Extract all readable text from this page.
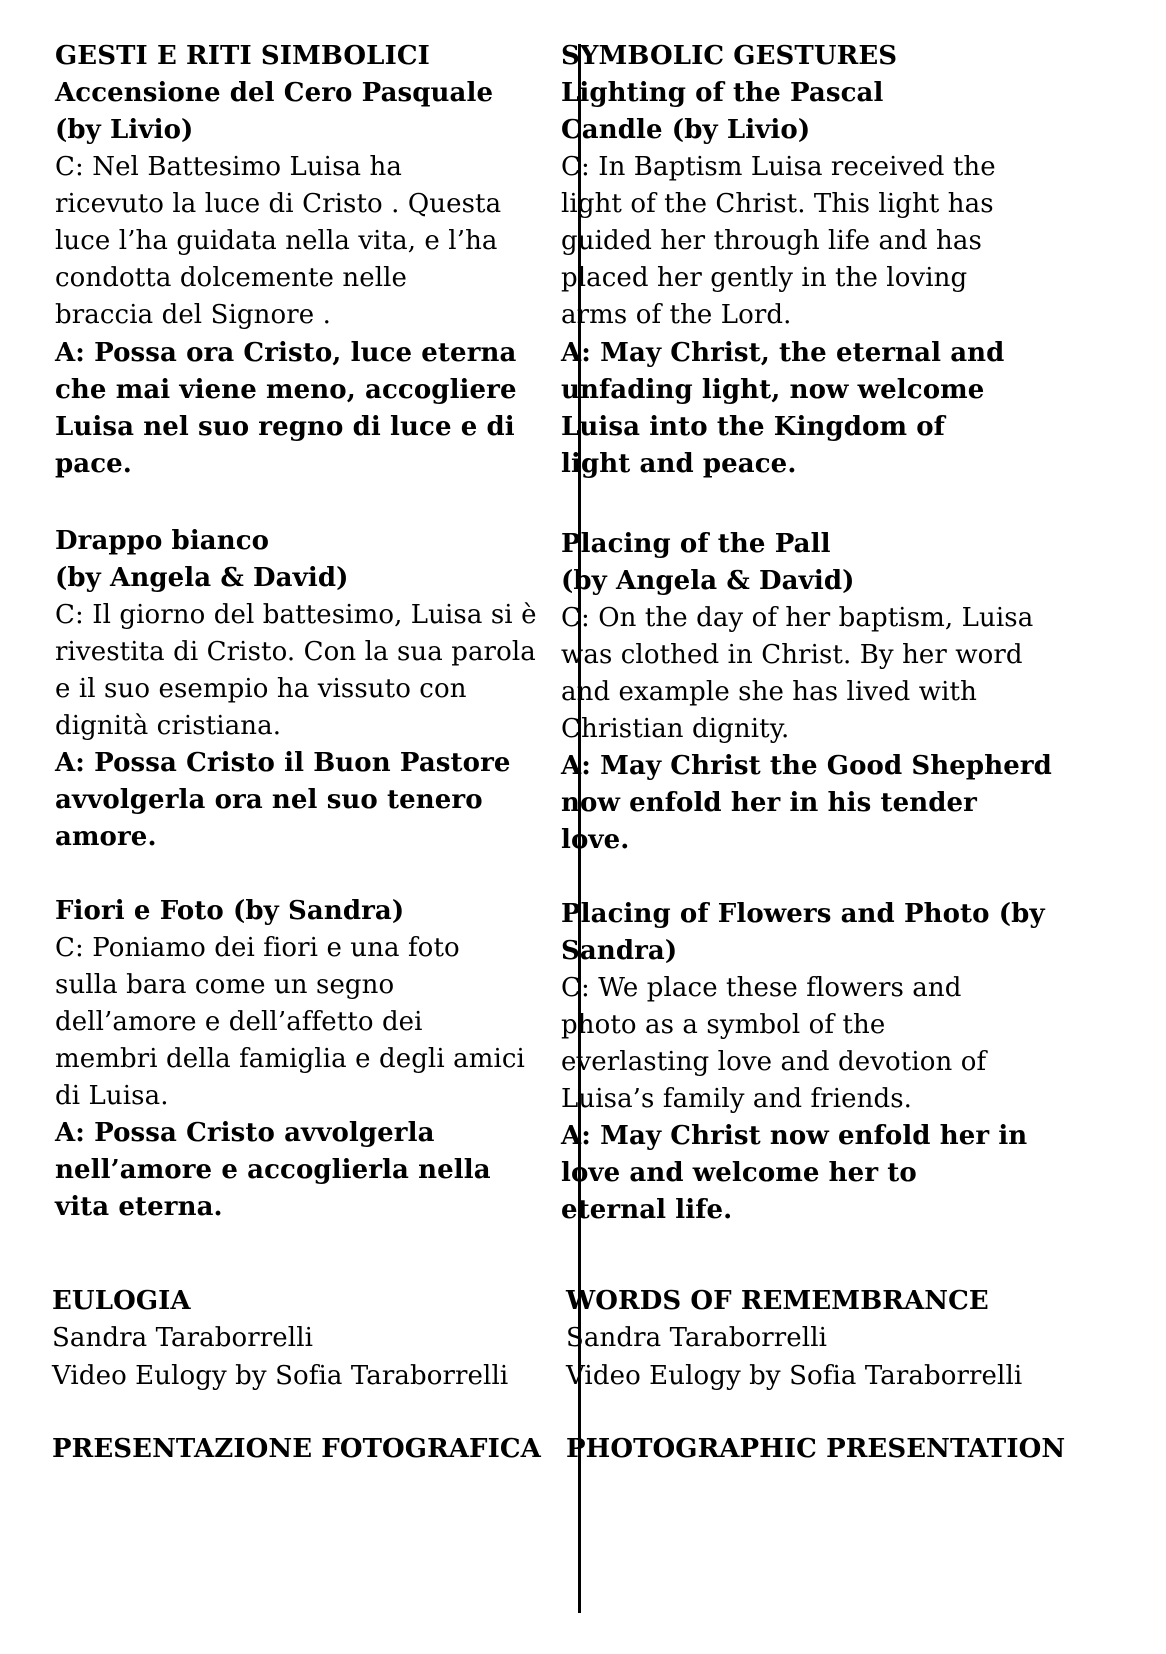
GESTI E RITI SIMBOLICI
Accensione del Cero Pasquale
(by Livio)
C: Nel Battesimo Luisa ha
ricevuto la luce di Cristo . Questa
luce l’ha guidata nella vita, e l’ha
condotta dolcemente nelle
braccia del Signore .
A: Possa ora Cristo, luce eterna
che mai viene meno, accogliere
Luisa nel suo regno di luce e di
pace.
Drappo bianco
(by Angela & David)
C: Il giorno del battesimo, Luisa si è
rivestita di Cristo. Con la sua parola
e il suo esempio ha vissuto con
dignità cristiana.
A: Possa Cristo il Buon Pastore
avvolgerla ora nel suo tenero
amore.
Fiori e Foto (by Sandra)
C: Poniamo dei fiori e una foto
sulla bara come un segno
dell’amore e dell’affetto dei
membri della famiglia e degli amici
di Luisa.
A: Possa Cristo avvolgerla
nell’amore e accoglierla nella
vita eterna.
EULOGIA
Sandra Taraborrelli
Video Eulogy by Sofia Taraborrelli
PRESENTAZIONE FOTOGRAFICA
SYMBOLIC GESTURES
Lighting of the Pascal
Candle (by Livio)
C: In Baptism Luisa received the
light of the Christ. This light has
guided her through life and has
placed her gently in the loving
arms of the Lord.
A: May Christ, the eternal and
unfading light, now welcome
Luisa into the Kingdom of
light and peace.
Placing of the Pall
(by Angela & David)
C: On the day of her baptism, Luisa
was clothed in Christ. By her word
and example she has lived with
Christian dignity.
A: May Christ the Good Shepherd
now enfold her in his tender
love.
Placing of Flowers and Photo (by
Sandra)
C: We place these flowers and
photo as a symbol of the
everlasting love and devotion of
Luisa’s family and friends.
A: May Christ now enfold her in
love and welcome her to
eternal life.
WORDS OF REMEMBRANCE
Sandra Taraborrelli
Video Eulogy by Sofia Taraborrelli
PHOTOGRAPHIC PRESENTATION
